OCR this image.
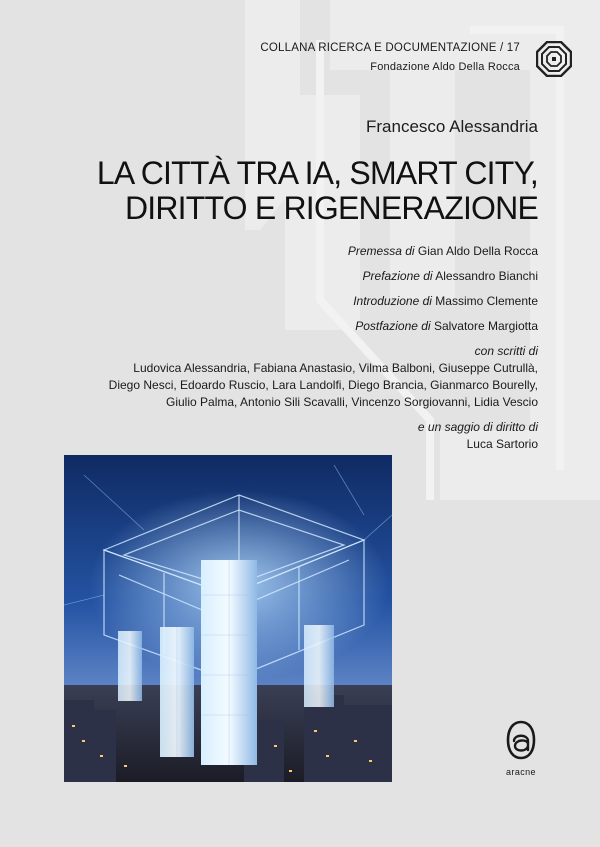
COLLANA RICERCA E DOCUMENTAZIONE / 17
Fondazione Aldo Della Rocca
Francesco Alessandria
LA CITTÀ TRA IA, SMART CITY,
DIRITTO E RIGENERAZIONE
Premessa di Gian Aldo Della Rocca
Prefazione di Alessandro Bianchi
Introduzione di Massimo Clemente
Postfazione di Salvatore Margiotta
con scritti di
Ludovica Alessandria, Fabiana Anastasio, Vilma Balboni, Giuseppe Cutrullà,
Diego Nesci, Edoardo Ruscio, Lara Landolfi, Diego Brancia, Gianmarco Bourelly,
Giulio Palma, Antonio Sili Scavalli, Vincenzo Sorgiovanni, Lidia Vescio
e un saggio di diritto di
Luca Sartorio
aracne
